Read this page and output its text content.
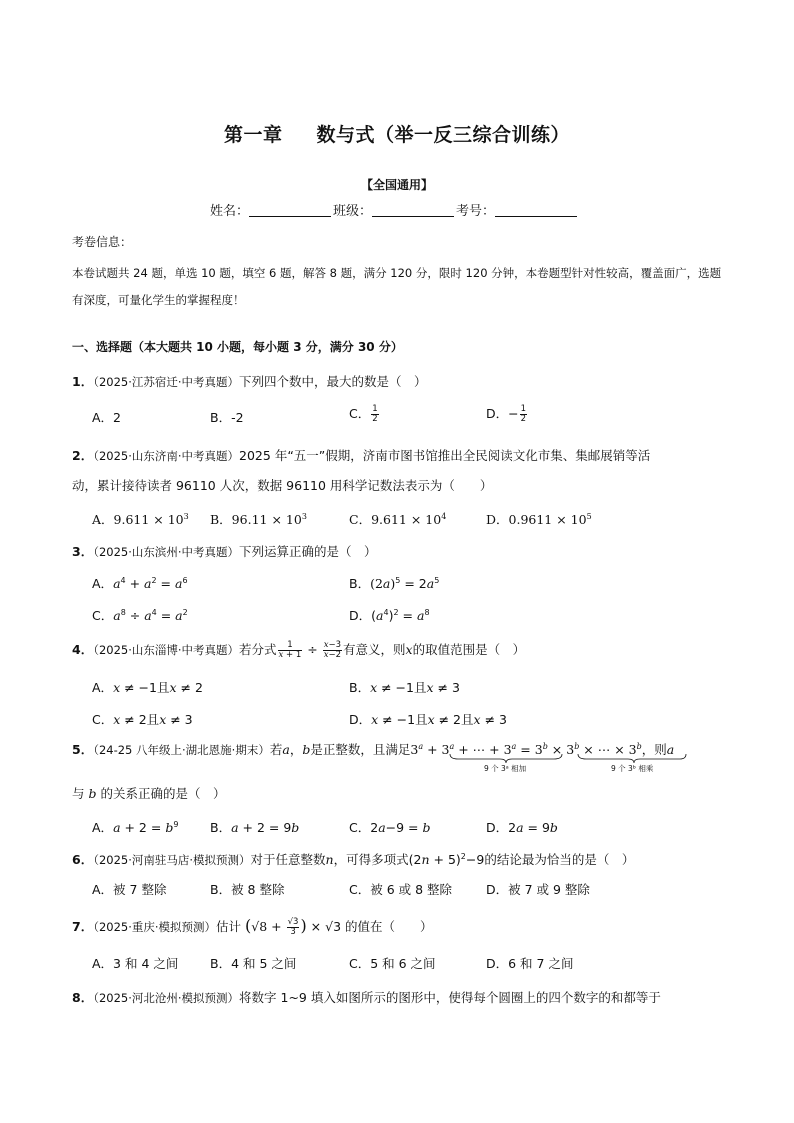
第一章 数与式（举一反三综合训练）
【全国通用】
姓名：	班级：	考号：
考卷信息：
本卷试题共 24 题，单选 10 题，填空 6 题，解答 8 题，满分 120 分，限时 120 分钟，本卷题型针对性较高，覆盖面广，选题有深度，可量化学生的掌握程度！
一、选择题（本大题共 10 小题，每小题 3 分，满分 30 分）
1．（2025·江苏宿迁·中考真题）下列四个数中，最大的数是（　）
A．2	B．-2	C． $\frac{1}{2}$	D．− $\frac{1}{2}$
2．（2025·山东济南·中考真题）2025 年“五一”假期，济南市图书馆推出全民阅读文化市集、集邮展销等活
动，累计接待读者 96110 人次，数据 96110 用科学记数法表示为（　　）
A．$9.611 \times 10^3$ B．$96.11 \times 10^3$	C．$9.611 \times 10^4$	D．$0.9611 \times 10^5$
3．（2025·山东滨州·中考真题）下列运算正确的是（　）
A．$a^4 + a^2 = a^6$	B．$(2a)^5 = 2a^5$
C．$a^8 \div a^4 = a^2$	D．$(a^4)^2 = a^8$
4．（2025·山东淄博·中考真题）若分式 $\frac{1}{x + 1} \div \frac{x-3}{x-2}$ 有意义，则x的取值范围是（　）
A．x ≠ −1且x ≠ 2	B．x ≠ −1且x ≠ 3
C．x ≠ 2且x ≠ 3	D．x ≠ −1且x ≠ 2且x ≠ 3
5．（24-25 八年级上·湖北恩施·期末）若a，b是正整数，且满足$3^a + 3^a$ + ⋯ + $3^a = 3^b \times 3^b$ × ⋯ × $3^b$，则a
9 个 3ᵃ 相加	9 个 3ᵇ 相乘
与 b 的关系正确的是（　）
A．$a + 2 = b^9$	B．a + 2 = 9b	C．2a−9 = b	D．2a = 9b
6．（2025·河南驻马店·模拟预测）对于任意整数n，可得多项式$(2n + 5)^2-9$的结论最为恰当的是（　）
A．被 7 整除	B．被 8 整除	C．被 6 或 8 整除	D．被 7 或 9 整除
7．（2025·重庆·模拟预测）估计 ($√8 + \frac{√3}{3}$ ) × √3 的值在（　　）
A．3 和 4 之间	B．4 和 5 之间	C．5 和 6 之间	D．6 和 7 之间
8．（2025·河北沧州·模拟预测）将数字 1~9 填入如图所示的图形中，使得每个圆圈上的四个数字的和都等于
